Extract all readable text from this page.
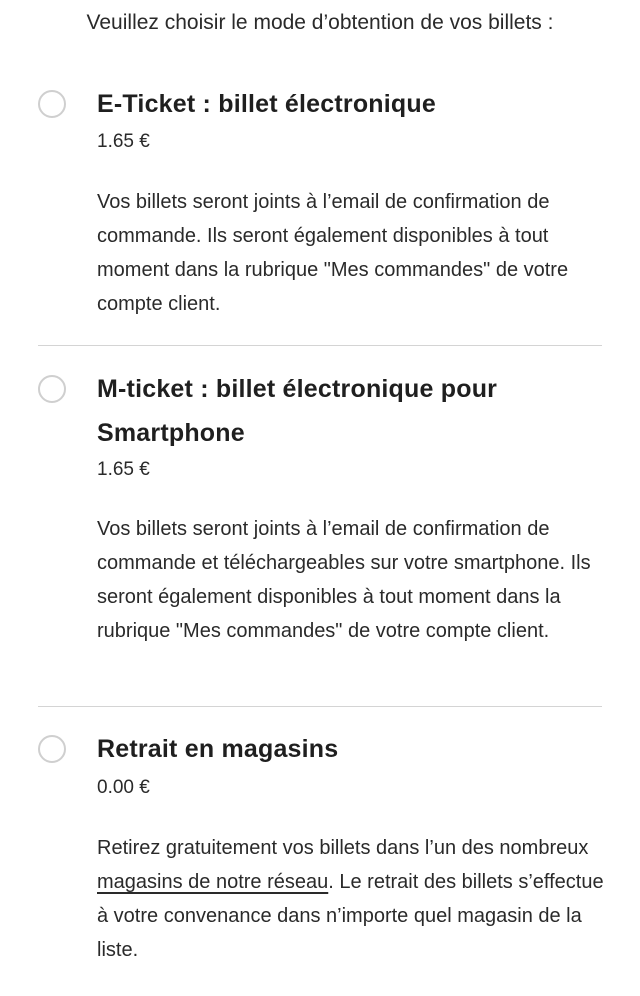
Veuillez choisir le mode d’obtention de vos billets :
E-Ticket : billet électronique
1.65 €

Vos billets seront joints à l’email de confirmation de commande. Ils seront également disponibles à tout moment dans la rubrique "Mes commandes" de votre compte client.

M-ticket : billet électronique pour Smartphone
1.65 €

Vos billets seront joints à l’email de confirmation de commande et téléchargeables sur votre smartphone. Ils seront également disponibles à tout moment dans la rubrique "Mes commandes" de votre compte client.

Retrait en magasins
0.00 €

Retirez gratuitement vos billets dans l’un des nombreux magasins de notre réseau. Le retrait des billets s’effectue à votre convenance dans n’importe quel magasin de la liste.
